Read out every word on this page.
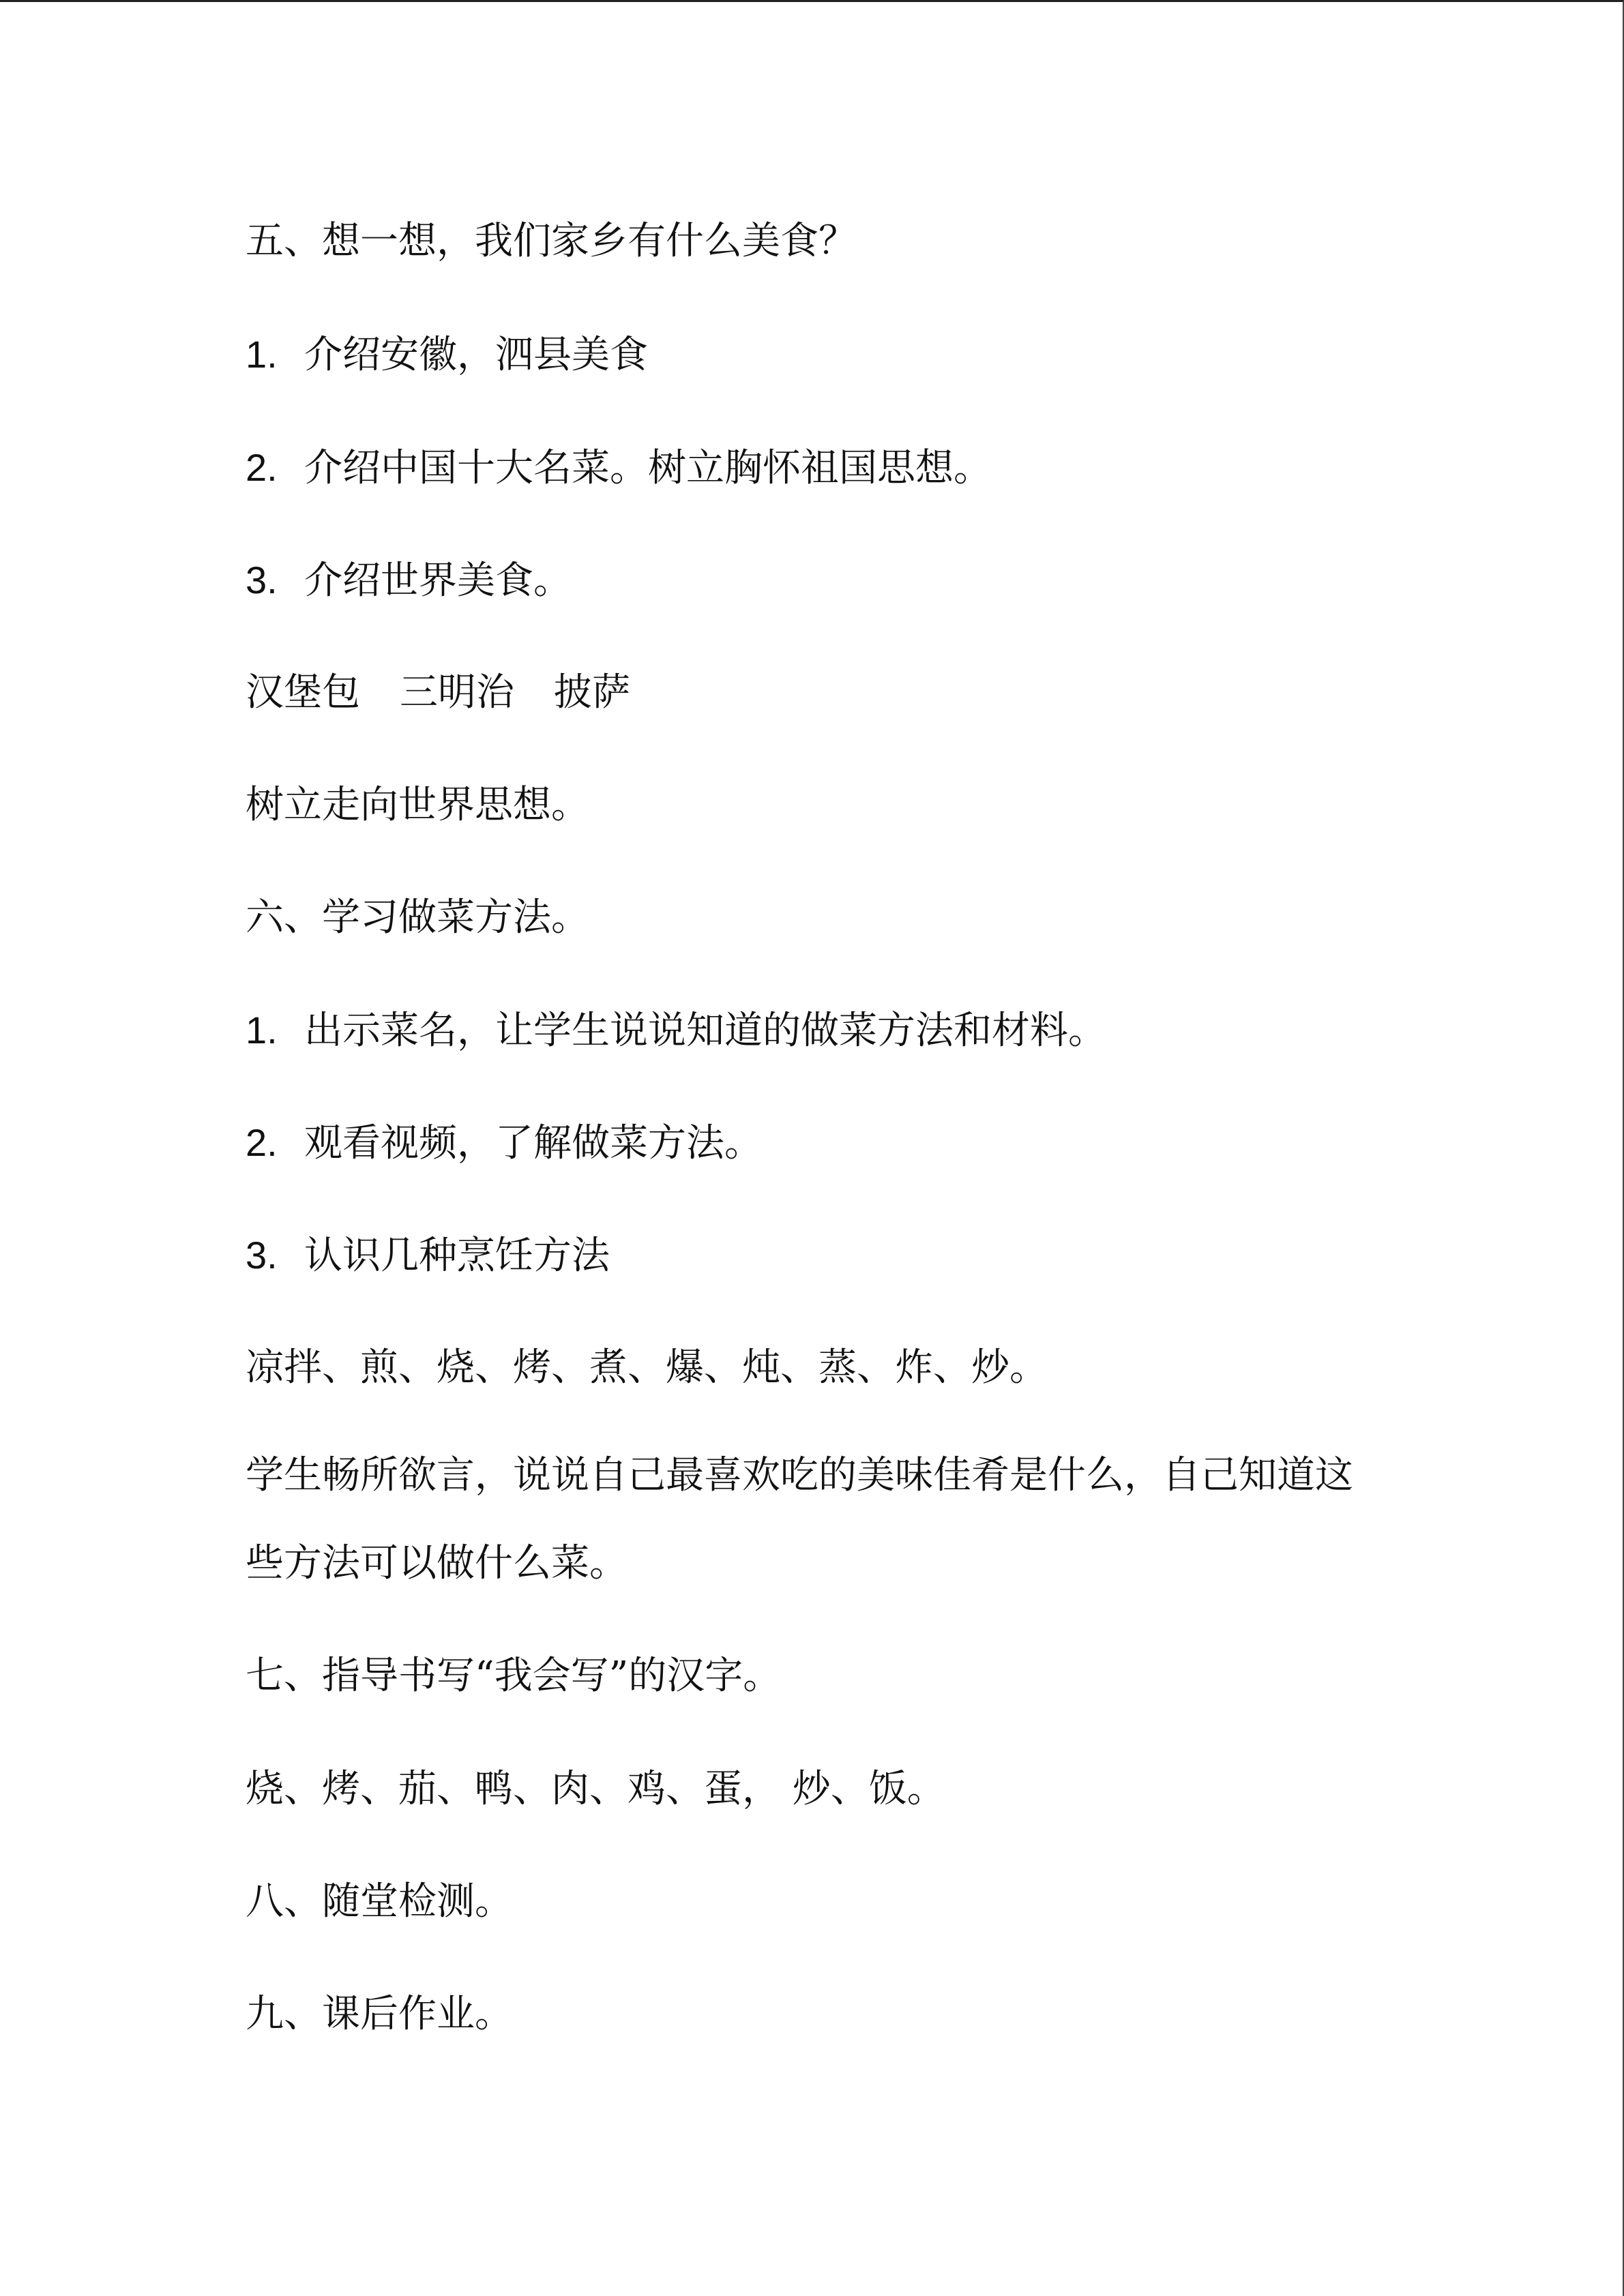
五、想一想，我们家乡有什么美食？
1. 介绍安徽，泗县美食
2. 介绍中国十大名菜。树立胸怀祖国思想。
3. 介绍世界美食。
汉堡包 三明治 披萨
树立走向世界思想。
六、学习做菜方法。
1. 出示菜名，让学生说说知道的做菜方法和材料。
2. 观看视频，了解做菜方法。
3. 认识几种烹饪方法
凉拌、煎、烧、烤、煮、爆、炖、蒸、炸、炒。
学生畅所欲言，说说自己最喜欢吃的美味佳肴是什么，自己知道这
些方法可以做什么菜。
七、指导书写“我会写”的汉字。
烧、烤、茄、鸭、肉、鸡、蛋， 炒、饭。
八、随堂检测。
九、课后作业。
